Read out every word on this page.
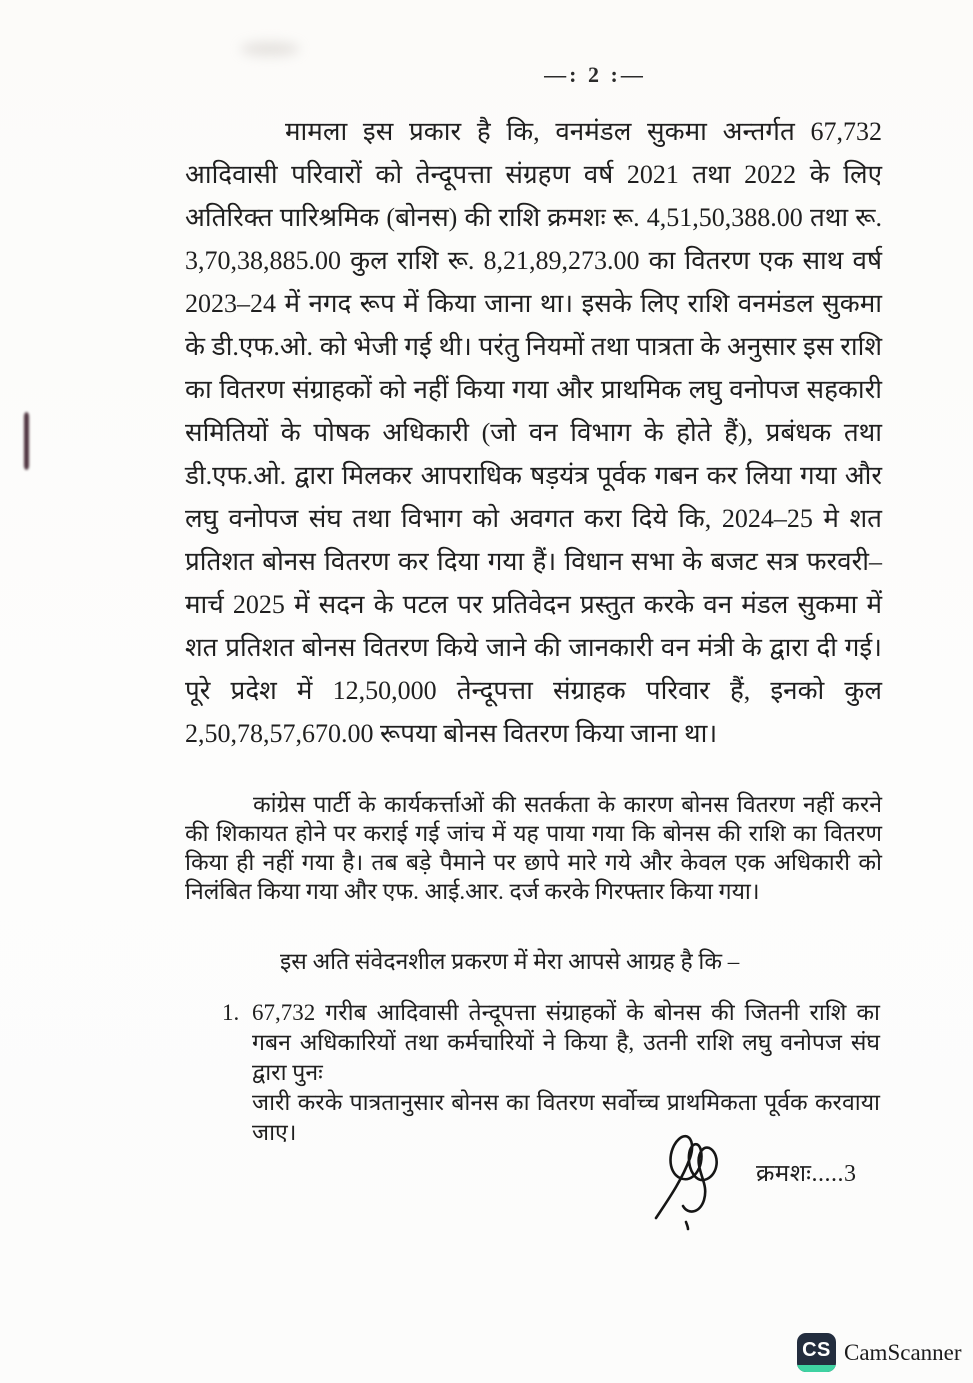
—: 2 :—
मामला इस प्रकार है कि, वनमंडल सुकमा अन्तर्गत 67,732 आदिवासी परिवारों को तेन्दूपत्ता संग्रहण वर्ष 2021 तथा 2022 के लिए अतिरिक्त पारिश्रमिक (बोनस) की राशि क्रमशः रू. 4,51,50,388.00 तथा रू. 3,70,38,885.00 कुल राशि रू. 8,21,89,273.00 का वितरण एक साथ वर्ष 2023–24 में नगद रूप में किया जाना था। इसके लिए राशि वनमंडल सुकमा के डी.एफ.ओ. को भेजी गई थी। परंतु नियमों तथा पात्रता के अनुसार इस राशि का वितरण संग्राहकों को नहीं किया गया और प्राथमिक लघु वनोपज सहकारी समितियों के पोषक अधिकारी (जो वन विभाग के होते हैं), प्रबंधक तथा डी.एफ.ओ. द्वारा मिलकर आपराधिक षड़यंत्र पूर्वक गबन कर लिया गया और लघु वनोपज संघ तथा विभाग को अवगत करा दिये कि, 2024–25 मे शत प्रतिशत बोनस वितरण कर दिया गया हैं। विधान सभा के बजट सत्र फरवरी–मार्च 2025 में सदन के पटल पर प्रतिवेदन प्रस्तुत करके वन मंडल सुकमा में शत प्रतिशत बोनस वितरण किये जाने की जानकारी वन मंत्री के द्वारा दी गई। पूरे प्रदेश में 12,50,000 तेन्दूपत्ता संग्राहक परिवार हैं, इनको कुल 2,50,78,57,670.00 रूपया बोनस वितरण किया जाना था।
कांग्रेस पार्टी के कार्यकर्त्ताओं की सतर्कता के कारण बोनस वितरण नहीं करने की शिकायत होने पर कराई गई जांच में यह पाया गया कि बोनस की राशि का वितरण किया ही नहीं गया है। तब बड़े पैमाने पर छापे मारे गये और केवल एक अधिकारी को निलंबित किया गया और एफ. आई.आर. दर्ज करके गिरफ्तार किया गया।
इस अति संवेदनशील प्रकरण में मेरा आपसे आग्रह है कि –
1. 67,732 गरीब आदिवासी तेन्दूपत्ता संग्राहकों के बोनस की जितनी राशि का गबन अधिकारियों तथा कर्मचारियों ने किया है, उतनी राशि लघु वनोपज संघ द्वारा पुनः
जारी करके पात्रतानुसार बोनस का वितरण सर्वोच्च प्राथमिकता पूर्वक करवाया जाए।
क्रमशः.....3
CS CamScanner
